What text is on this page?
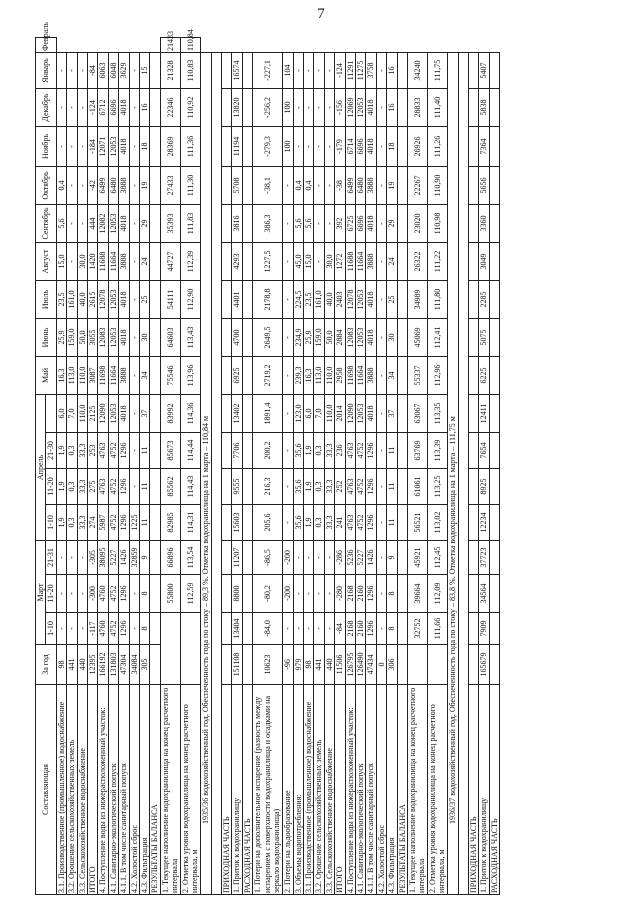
7
Составляющая	За год	Март			Апрель				Май	Июнь	Июль	Август	Сентябрь	Октябрь	Ноябрь	Декабрь	Январь	Февраль
		1-10	11-20	21-31	1-10	11-20	21-30											
3.1. Производственное (промышленное) водоснабжение	98	-	-	-	1,9	1,9	1,9	6,0	16,3	25,9	23,5	15,0	5,6	0,4	-	-	-	
3.2. Орошение сельскохозяйственных земель	441	-	-	-	0,3	0,3	0,3	7,0	113,0	159,0	161,0	-	-	-	-	-	-	
3.3. Сельскохозяйственное водоснабжение	440	-	-	-	33,3	33,3	33,3	110,0	110,0	50,0	40,0	30,0	-	-	-	-	-	
ИТОГО	12395	-117	-300	-305	274	275	253	2125	3087	3055	2615	1420	444	-42	-184	-124	-84	
4. Поступление воды из нижерасположенный участок:	166192	4760	4760	38095	5987	4763	4763	12090	11698	12083	12078	11688	12082	6499	12071	6712	6063	
4.1. Санитарно-экологический попуск	131803	4752	4752	5227	4752	4752	4752	12053	11664	12053	12053	11664	12053	6480	12053	6696	6048	
4.1.1. В том числе санитарный попуск	47304	1296	1296	1426	1296	1296	1296	4018	3888	4018	4018	3888	4018	3888	4018	4018	3629	
4.2. Холостой сброс	34084	-	-	32859	1225	-	-	-	-	-	-	-	-	-	-	-	-	
4.3. Фильтрация	305	8	8	9	11	11	11	37	34	30	25	24	29	19	18	16	15	
РЕЗУЛЬТАТЫ БАЛАНСА																		
1. Текущее наполнение водохранилища на конец расчетного интервала			55800	66896	82985	85562	85673	83992	75546	64603	54111	44727	35393	27433	28369	22346	21328	21433
2. Отметка уровня водохранилища на конец расчетного интервала, м			112,59	113,54	114,31	114,43	114,44	114,36	113,96	113,43	112,90	112,39	111,83	111,30	111,36	110,92	110,83	110,84
1935/36 водохозяйственный год. Обеспеченность года по стоку – 89,3 %. Отметка водохранилища на 1 марта – 110,84 м																		

ПРИХОДНАЯ ЧАСТЬ																		
1. Приток к водохранилищу	151108	13404	8800	11207	15603	9555	7706	13402	6925	4700	4401	4293	3816	5708	11194	13820	16574	
РАСХОДНАЯ ЧАСТЬ																		
1. Потери на дополнительное испарение (разность между испарением с поверхности водохранилища и осадками на зеркало водохранилища)	10623	-84,0	-80,2	-86,5	205,6	216,3	200,2	1891,4	2719,2	2649,5	2178,8	1227,5	386,3	-38,1	-279,3	-256,2	-227,1	
2. Потери на льдообразование	-96	-	-200	-200	-	-	-	-	-	-	-	-	-	-	100	100	104	
3. Объемы водопотребления:	979	-	-	-	35,6	35,6	35,6	123,0	239,3	234,9	224,5	45,0	5,6	0,4	-	-	-	
3.1. Производственное (промышленное) водоснабжение	98	-	-	-	1,9	1,9	1,9	6,0	16,3	25,9	23,5	15,0	5,6	0,4	-	-	-	
3.2. Орошение сельскохозяйственных земель	441	-	-	-	0,3	0,3	0,3	7,0	113,0	159,0	161,0	-	-	-	-	-	-	
3.3. Сельскохозяйственное водоснабжение	440	-	-	-	33,3	33,3	33,3	110,0	110,0	50,0	40,0	30,0	-	-	-	-	-	
ИТОГО	11506	-84	-280	-286	241	252	236	2014	2958	2884	2403	1272	392	-38	-179	-156	-124	
4. Поступление воды из нижерасположенный участок:	126795	2168	2168	5236	4763	4763	4763	12090	11698	12083	12078	11688	6725	6499	6714	12069	11291	
4.1. Санитарно-экологический попуск	126490	2160	2160	5227	4752	4752	4752	12053	11664	12053	12053	11664	6696	6480	6696	12053	11275	
4.1.1. В том числе санитарный попуск	47434	1296	1296	1426	1296	1296	1296	4018	3888	4018	4018	3888	4018	3888	4018	4018	3758	
4.2. Холостой сброс	0	-	-	-	-	-	-	-	-	-	-	-	-	-	-	-	-	
4.3. Фильтрация	306	8	8	9	11	11	11	37	34	30	25	24	29	19	18	16	16	
РЕЗУЛЬТАТЫ БАЛАНСА																		
1. Текущее наполнение водохранилища на конец расчетного интервала		32752	39664	45921	56521	61061	63769	63067	55337	45069	34989	26322	23020	22267	26926	28833	34240	
2. Отметка уровня водохранилища на конец расчетного интервала, м		111,66	112,09	112,45	113,02	113,25	113,39	113,35	112,96	112,41	111,80	111,22	110,98	110,90	111,26	111,40	111,75	
1936/37 водохозяйственный год. Обеспеченность года по стоку – 83,8 %. Отметка водохранилища на 1 марта – 111,75 м																		

ПРИХОДНАЯ ЧАСТЬ																		
1. Приток к водохранилищу	165679	7909	34564	37723	12234	8925	7654	12411	6225	5075	2285	3049	3360	5656	7364	5838	5407	
РАСХОДНАЯ ЧАСТЬ																		
